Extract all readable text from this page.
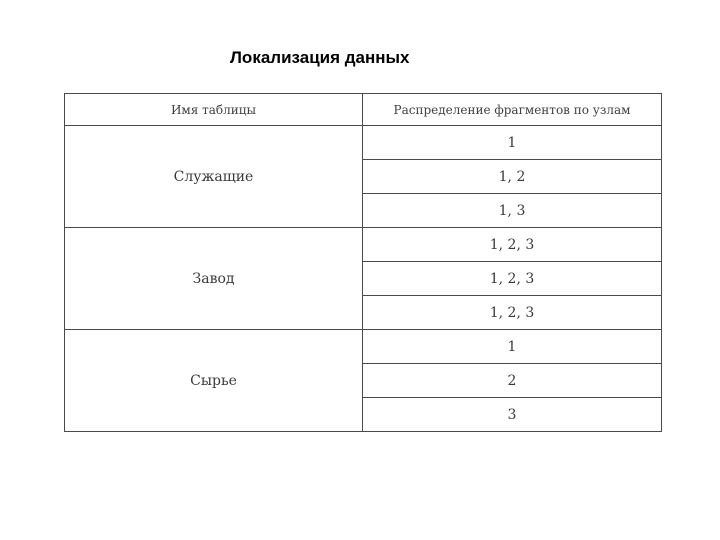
Локализация данных
Имя таблицы	Распределение фрагментов по узлам
Служащие	1
	1, 2
	1, 3
Завод	1, 2, 3
	1, 2, 3
	1, 2, 3
Сырье	1
	2
	3
